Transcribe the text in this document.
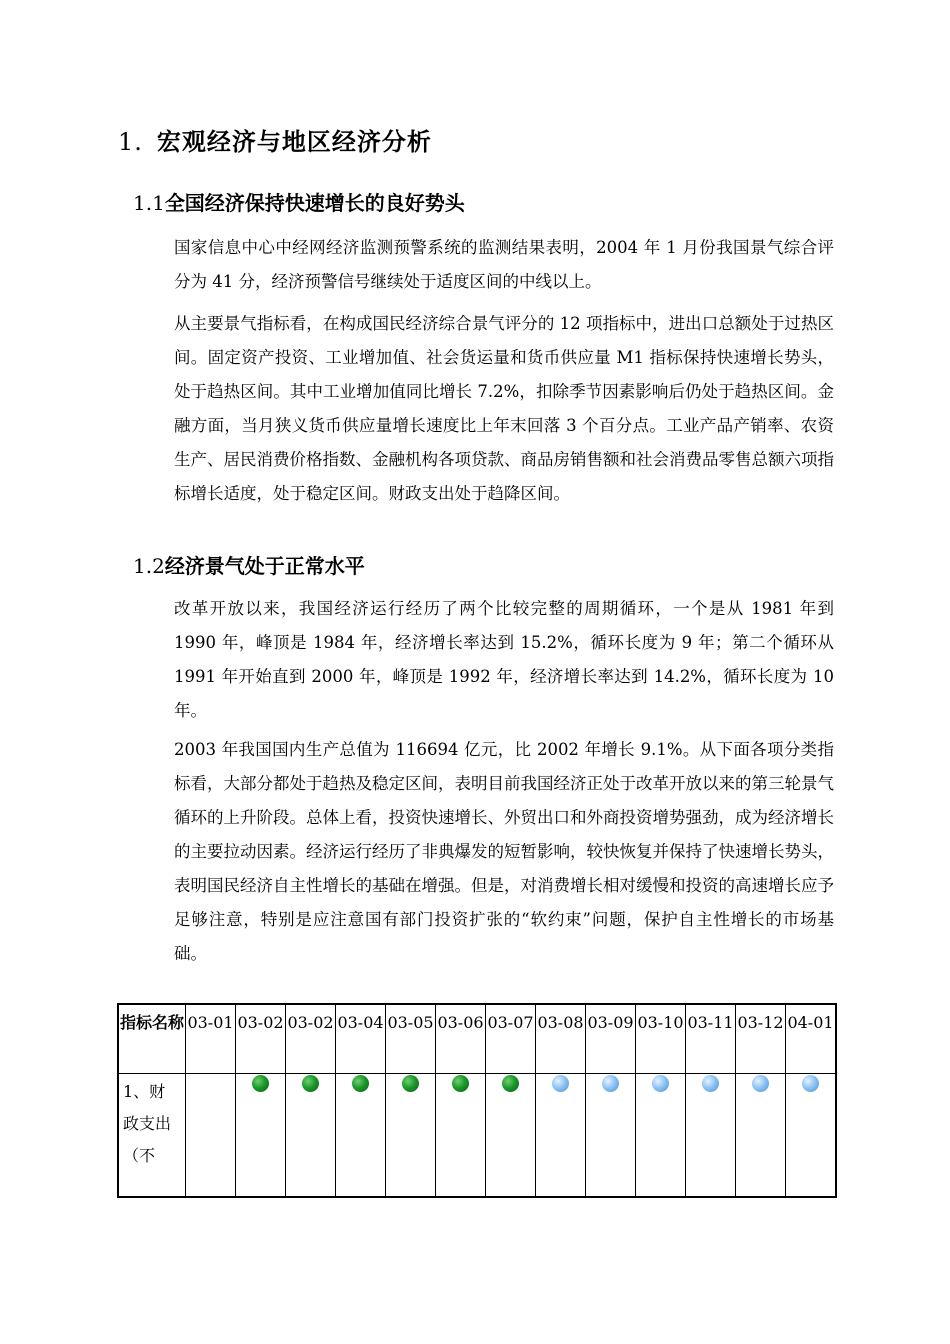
1. 宏观经济与地区经济分析
1.1全国经济保持快速增长的良好势头

国家信息中心中经网经济监测预警系统的监测结果表明，2004 年 1 月份我国景气综合评分为 41 分，经济预警信号继续处于适度区间的中线以上。

从主要景气指标看，在构成国民经济综合景气评分的 12 项指标中，进出口总额处于过热区间。固定资产投资、工业增加值、社会货运量和货币供应量 M1 指标保持快速增长势头，处于趋热区间。其中工业增加值同比增长 7.2%，扣除季节因素影响后仍处于趋热区间。金融方面，当月狭义货币供应量增长速度比上年末回落 3 个百分点。工业产品产销率、农资生产、居民消费价格指数、金融机构各项贷款、商品房销售额和社会消费品零售总额六项指标增长适度，处于稳定区间。财政支出处于趋降区间。

1.2经济景气处于正常水平

改革开放以来，我国经济运行经历了两个比较完整的周期循环，一个是从 1981 年到 1990 年，峰顶是 1984 年，经济增长率达到 15.2%，循环长度为 9 年；第二个循环从 1991 年开始直到 2000 年，峰顶是 1992 年，经济增长率达到 14.2%，循环长度为 10 年。

2003 年我国国内生产总值为 116694 亿元，比 2002 年增长 9.1%。从下面各项分类指标看，大部分都处于趋热及稳定区间，表明目前我国经济正处于改革开放以来的第三轮景气循环的上升阶段。总体上看，投资快速增长、外贸出口和外商投资增势强劲，成为经济增长的主要拉动因素。经济运行经历了非典爆发的短暂影响，较快恢复并保持了快速增长势头，表明国民经济自主性增长的基础在增强。但是，对消费增长相对缓慢和投资的高速增长应予足够注意，特别是应注意国有部门投资扩张的“软约束”问题，保护自主性增长的市场基础。

指标名称	03-01	03-02	03-02	03-04	03-05	03-06	03-07	03-08	03-09	03-10	03-11	03-12	04-01

1、财政支出（不													
